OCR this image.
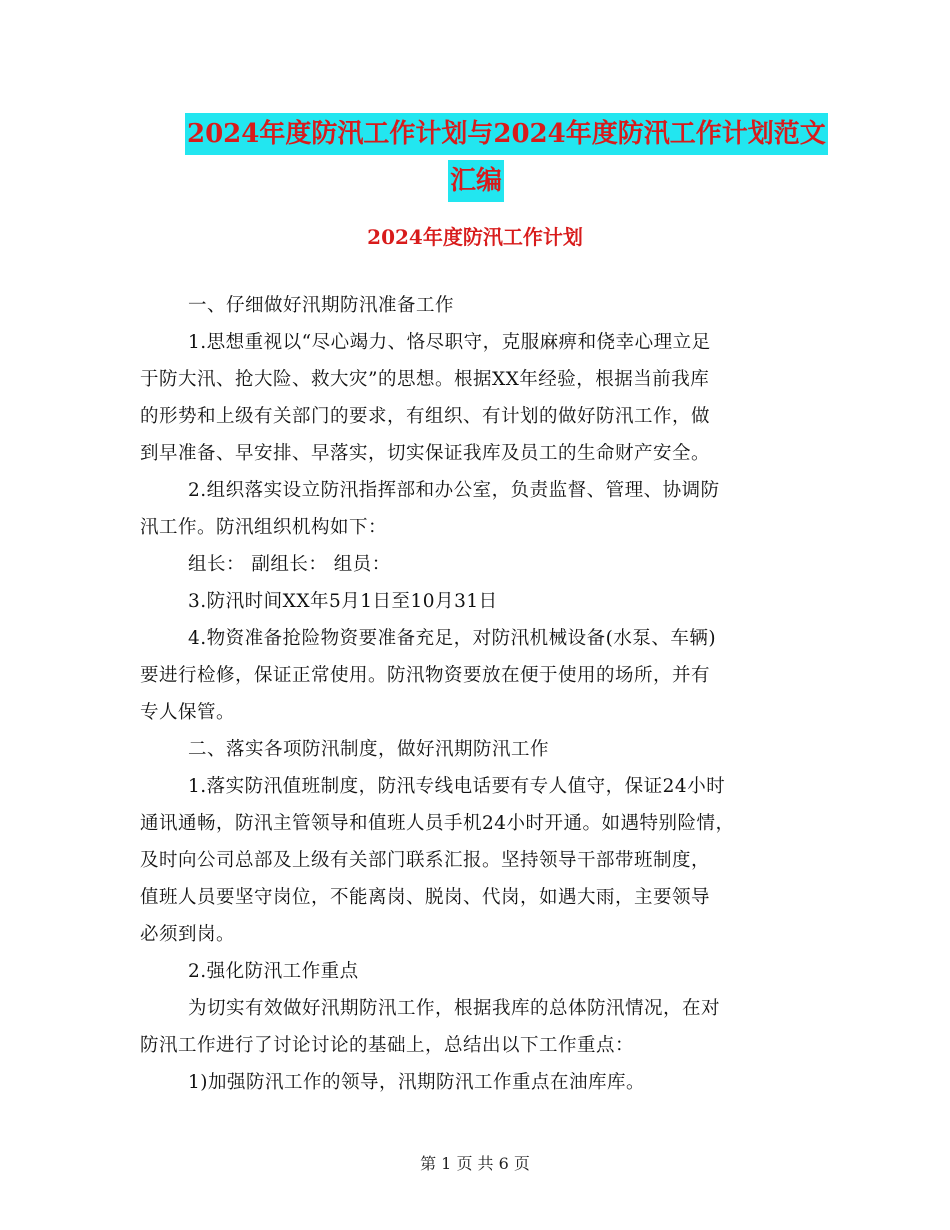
2024年度防汛工作计划与2024年度防汛工作计划范文
汇编
2024年度防汛工作计划
一、仔细做好汛期防汛准备工作
1.思想重视以“尽心竭力、恪尽职守，克服麻痹和侥幸心理立足
于防大汛、抢大险、救大灾”的思想。根据XX年经验，根据当前我库
的形势和上级有关部门的要求，有组织、有计划的做好防汛工作，做
到早准备、早安排、早落实，切实保证我库及员工的生命财产安全。
2.组织落实设立防汛指挥部和办公室，负责监督、管理、协调防
汛工作。防汛组织机构如下：
组长： 副组长： 组员：
3.防汛时间XX年5月1日至10月31日
4.物资准备抢险物资要准备充足，对防汛机械设备(水泵、车辆)
要进行检修，保证正常使用。防汛物资要放在便于使用的场所，并有
专人保管。
二、落实各项防汛制度，做好汛期防汛工作
1.落实防汛值班制度，防汛专线电话要有专人值守，保证24小时
通讯通畅，防汛主管领导和值班人员手机24小时开通。如遇特别险情，
及时向公司总部及上级有关部门联系汇报。坚持领导干部带班制度，
值班人员要坚守岗位，不能离岗、脱岗、代岗，如遇大雨，主要领导
必须到岗。
2.强化防汛工作重点
为切实有效做好汛期防汛工作，根据我库的总体防汛情况，在对
防汛工作进行了讨论讨论的基础上，总结出以下工作重点：
1)加强防汛工作的领导，汛期防汛工作重点在油库库。
第 1 页 共 6 页
